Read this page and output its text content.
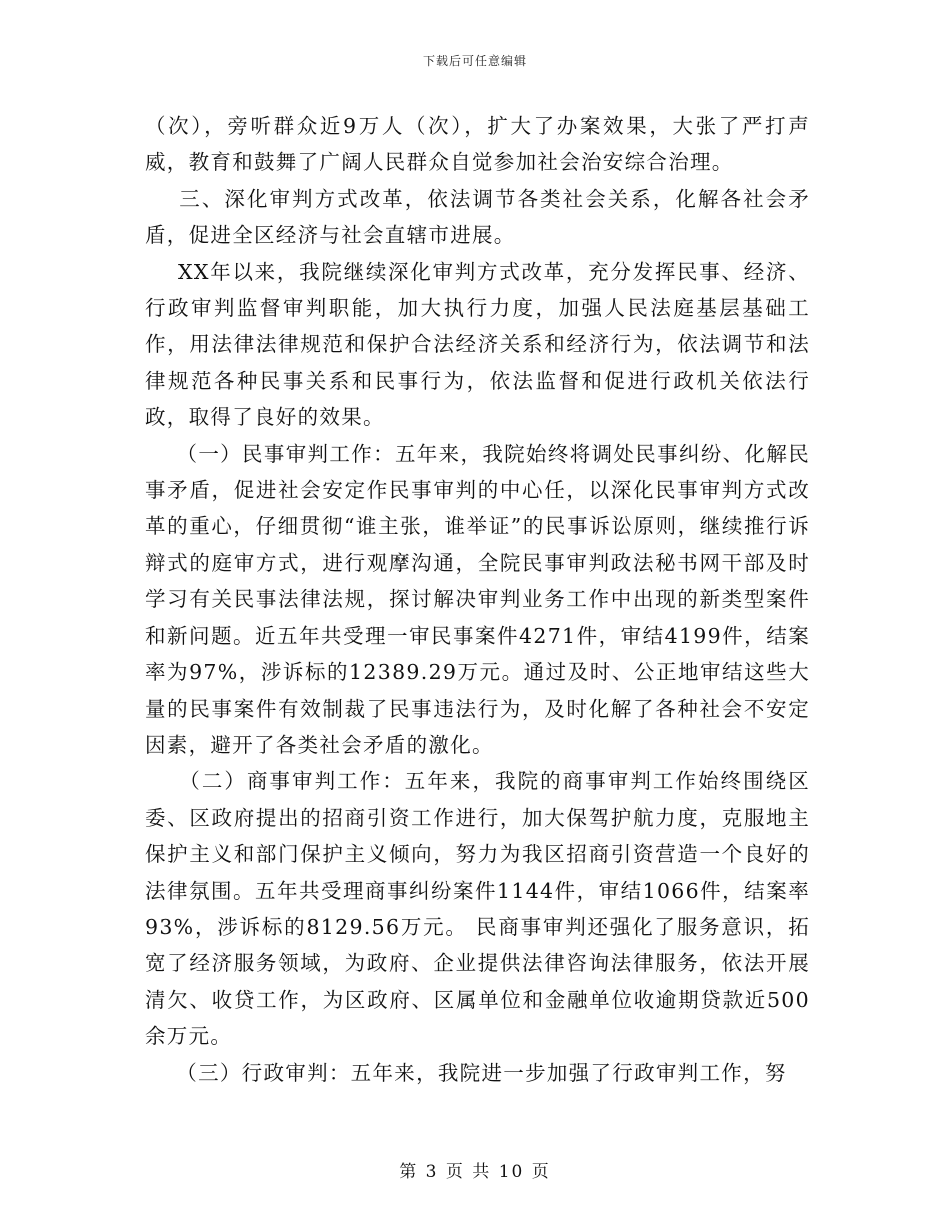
下载后可任意编辑

（次），旁听群众近9万人（次），扩大了办案效果，大张了严打声威，教育和鼓舞了广阔人民群众自觉参加社会治安综合治理。

三、深化审判方式改革，依法调节各类社会关系，化解各社会矛盾，促进全区经济与社会直辖市进展。

XX年以来，我院继续深化审判方式改革，充分发挥民事、经济、行政审判监督审判职能，加大执行力度，加强人民法庭基层基础工作，用法律法律规范和保护合法经济关系和经济行为，依法调节和法律规范各种民事关系和民事行为，依法监督和促进行政机关依法行政，取得了良好的效果。

（一）民事审判工作：五年来，我院始终将调处民事纠纷、化解民事矛盾，促进社会安定作民事审判的中心任，以深化民事审判方式改革的重心，仔细贯彻“谁主张，谁举证”的民事诉讼原则，继续推行诉辩式的庭审方式，进行观摩沟通，全院民事审判政法秘书网干部及时学习有关民事法律法规，探讨解决审判业务工作中出现的新类型案件和新问题。近五年共受理一审民事案件4271件，审结4199件，结案率为97%，涉诉标的12389.29万元。通过及时、公正地审结这些大量的民事案件有效制裁了民事违法行为，及时化解了各种社会不安定因素，避开了各类社会矛盾的激化。

（二）商事审判工作：五年来，我院的商事审判工作始终围绕区委、区政府提出的招商引资工作进行，加大保驾护航力度，克服地主保护主义和部门保护主义倾向，努力为我区招商引资营造一个良好的法律氛围。五年共受理商事纠纷案件1144件，审结1066件，结案率93%，涉诉标的8129.56万元。 民商事审判还强化了服务意识，拓宽了经济服务领域，为政府、企业提供法律咨询法律服务，依法开展清欠、收贷工作，为区政府、区属单位和金融单位收逾期贷款近500余万元。

（三）行政审判：五年来，我院进一步加强了行政审判工作，努

第 3 页 共 10 页
